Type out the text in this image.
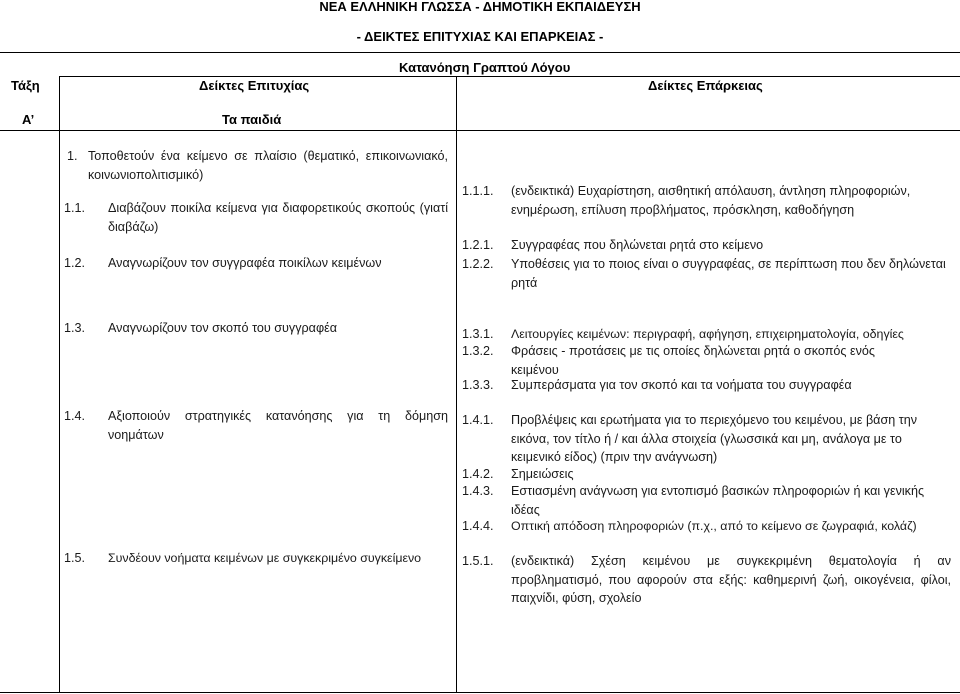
ΝΕΑ ΕΛΛΗΝΙΚΗ ΓΛΩΣΣΑ - ΔΗΜΟΤΙΚΗ ΕΚΠΑΙΔΕΥΣΗ
- ΔΕΙΚΤΕΣ ΕΠΙΤΥΧΙΑΣ ΚΑΙ ΕΠΑΡΚΕΙΑΣ -
Κατανόηση Γραπτού Λόγου
Τάξη
Α’
Δείκτες Επιτυχίας
Τα παιδιά
Δείκτες Επάρκειας
1. Τοποθετούν ένα κείμενο σε πλαίσιο (θεματικό, επικοινωνιακό, κοινωνιοπολιτισμικό)
1.1. Διαβάζουν ποικίλα κείμενα για διαφορετικούς σκοπούς (γιατί διαβάζω)
1.2. Αναγνωρίζουν τον συγγραφέα ποικίλων κειμένων
1.3. Αναγνωρίζουν τον σκοπό του συγγραφέα
1.4. Αξιοποιούν στρατηγικές κατανόησης για τη δόμηση νοημάτων
1.5. Συνδέουν νοήματα κειμένων με συγκεκριμένο συγκείμενο
1.1.1. (ενδεικτικά) Ευχαρίστηση, αισθητική απόλαυση, άντληση πληροφοριών, ενημέρωση, επίλυση προβλήματος, πρόσκληση, καθοδήγηση
1.2.1. Συγγραφέας που δηλώνεται ρητά στο κείμενο
1.2.2. Υποθέσεις για το ποιος είναι ο συγγραφέας, σε περίπτωση που δεν δηλώνεται ρητά
1.3.1. Λειτουργίες κειμένων: περιγραφή, αφήγηση, επιχειρηματολογία, οδηγίες
1.3.2. Φράσεις - προτάσεις με τις οποίες δηλώνεται ρητά ο σκοπός ενός κειμένου
1.3.3. Συμπεράσματα για τον σκοπό και τα νοήματα του συγγραφέα
1.4.1. Προβλέψεις και ερωτήματα για το περιεχόμενο του κειμένου, με βάση την εικόνα, τον τίτλο ή / και άλλα στοιχεία (γλωσσικά και μη, ανάλογα με το κειμενικό είδος) (πριν την ανάγνωση)
1.4.2. Σημειώσεις
1.4.3. Εστιασμένη ανάγνωση για εντοπισμό βασικών πληροφοριών ή και γενικής ιδέας
1.4.4. Οπτική απόδοση πληροφοριών (π.χ., από το κείμενο σε ζωγραφιά, κολάζ)
1.5.1. (ενδεικτικά) Σχέση κειμένου με συγκεκριμένη θεματολογία ή αν προβληματισμό, που αφορούν στα εξής: καθημερινή ζωή, οικογένεια, φίλοι, παιχνίδι, φύση, σχολείο
